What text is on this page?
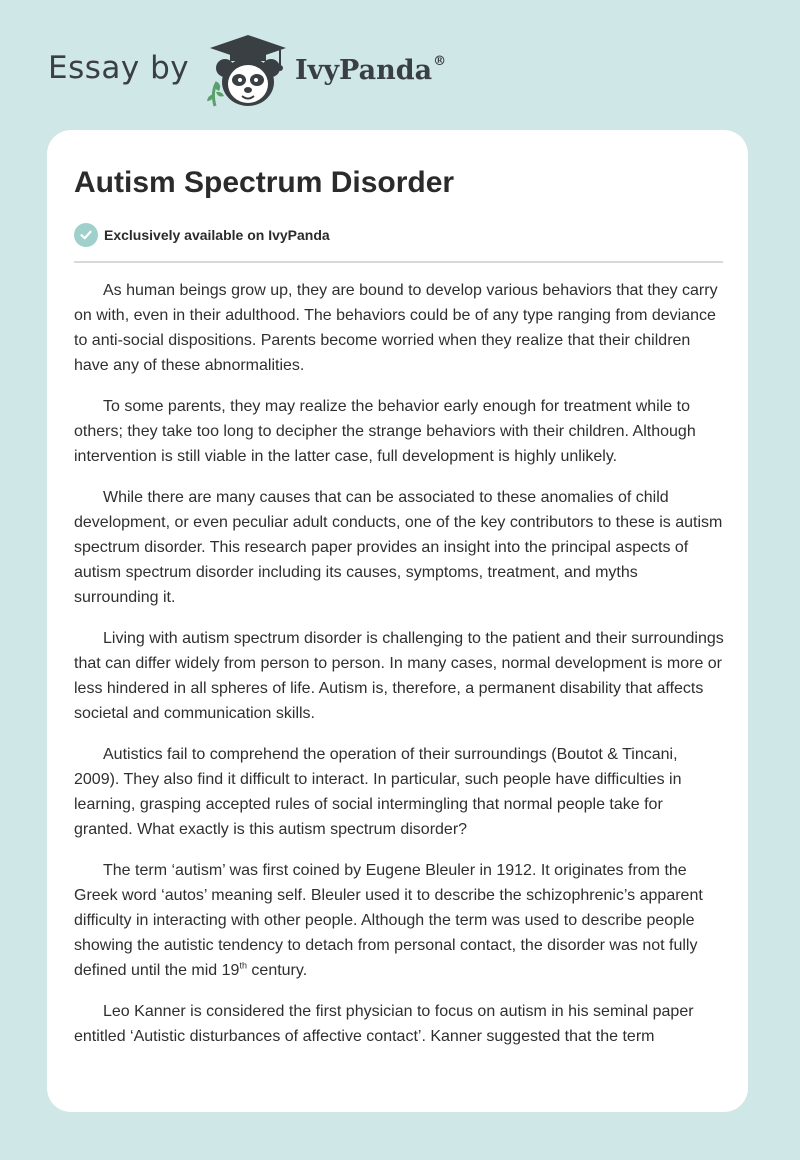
Essay by	IvyPanda®
Autism Spectrum Disorder
Exclusively available on IvyPanda

As human beings grow up, they are bound to develop various behaviors that they carry on with, even in their adulthood. The behaviors could be of any type ranging from deviance to anti-social dispositions. Parents become worried when they realize that their children have any of these abnormalities.

To some parents, they may realize the behavior early enough for treatment while to others; they take too long to decipher the strange behaviors with their children. Although intervention is still viable in the latter case, full development is highly unlikely.

While there are many causes that can be associated to these anomalies of child development, or even peculiar adult conducts, one of the key contributors to these is autism spectrum disorder. This research paper provides an insight into the principal aspects of autism spectrum disorder including its causes, symptoms, treatment, and myths surrounding it.

Living with autism spectrum disorder is challenging to the patient and their surroundings that can differ widely from person to person. In many cases, normal development is more or less hindered in all spheres of life. Autism is, therefore, a permanent disability that affects societal and communication skills.

Autistics fail to comprehend the operation of their surroundings (Boutot & Tincani, 2009). They also find it difficult to interact. In particular, such people have difficulties in learning, grasping accepted rules of social intermingling that normal people take for granted. What exactly is this autism spectrum disorder?

The term ‘autism’ was first coined by Eugene Bleuler in 1912. It originates from the Greek word ‘autos’ meaning self. Bleuler used it to describe the schizophrenic’s apparent difficulty in interacting with other people. Although the term was used to describe people showing the autistic tendency to detach from personal contact, the disorder was not fully defined until the mid 19th century.

Leo Kanner is considered the first physician to focus on autism in his seminal paper entitled ‘Autistic disturbances of affective contact’. Kanner suggested that the term
